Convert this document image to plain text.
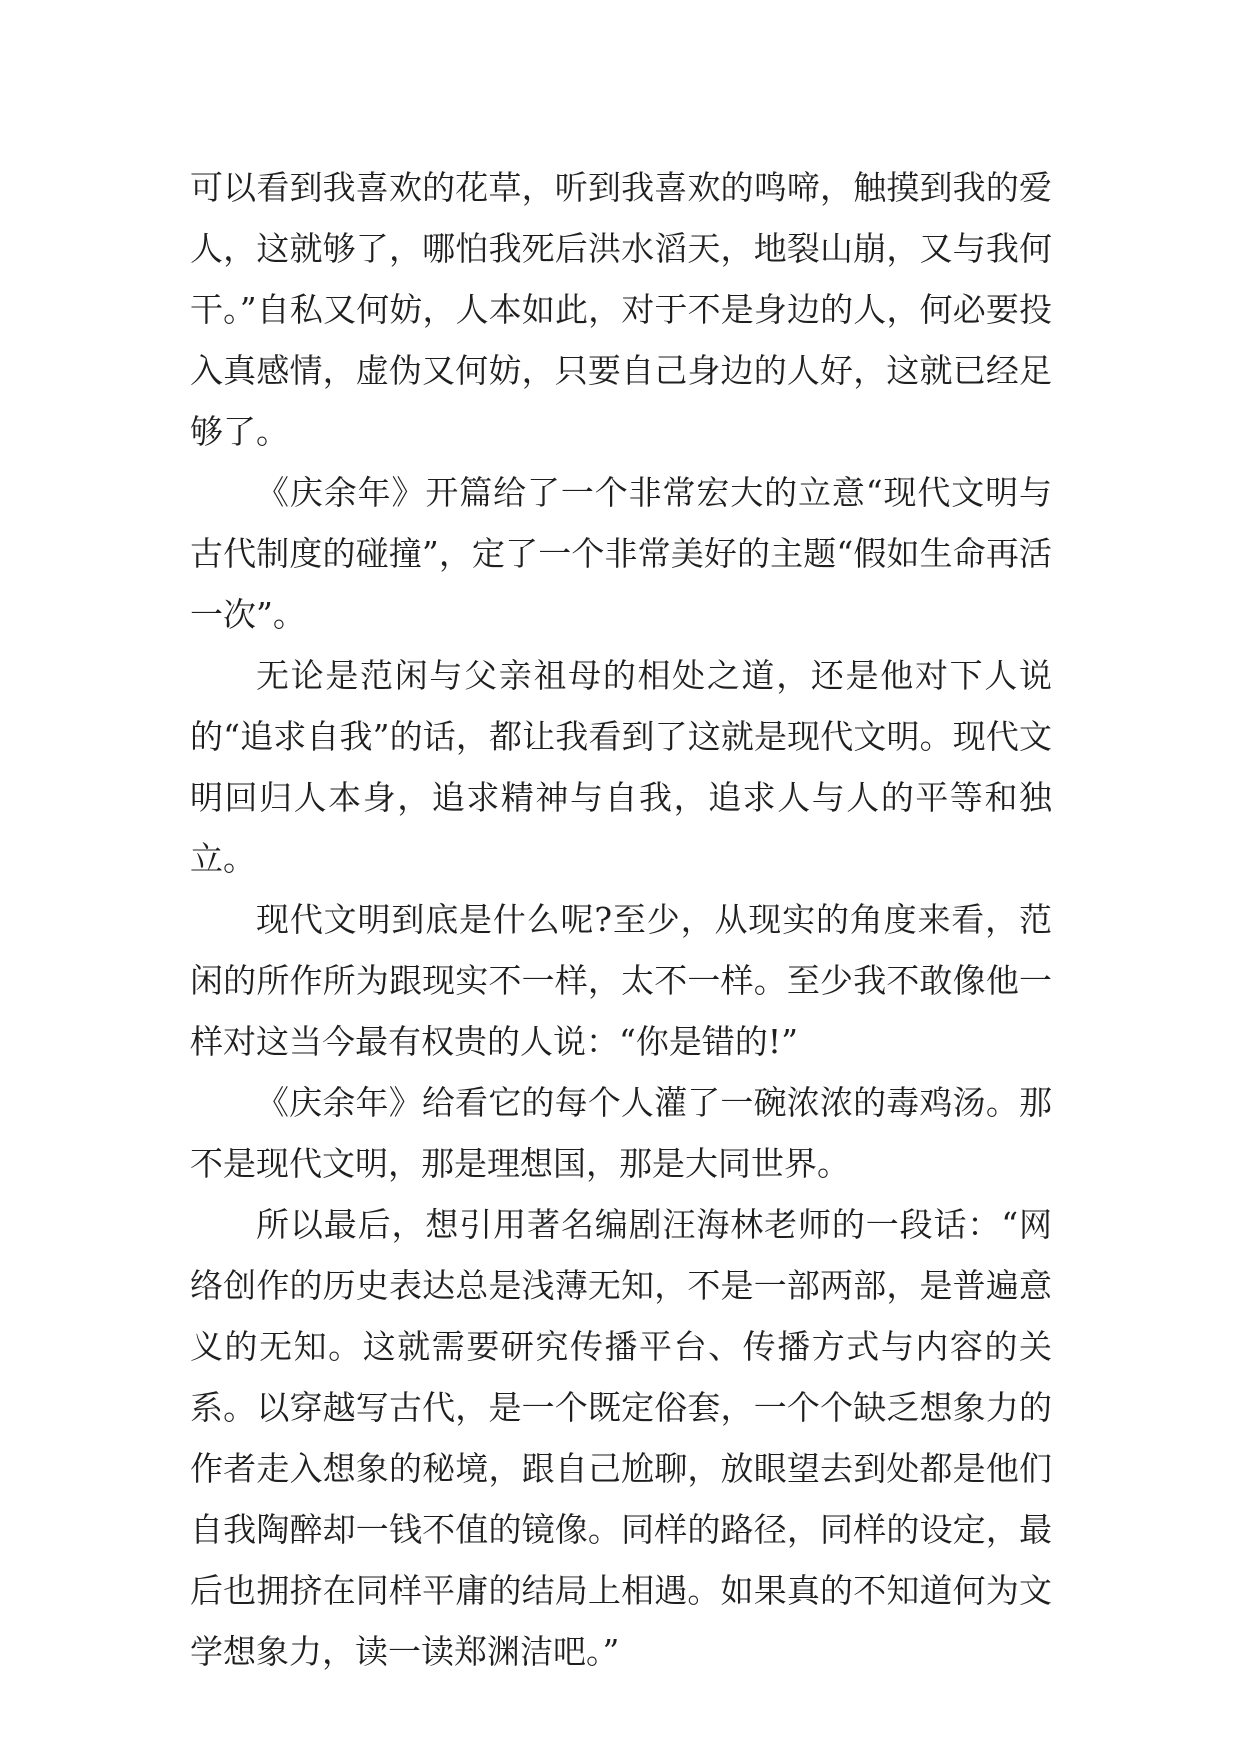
可以看到我喜欢的花草，听到我喜欢的鸣啼，触摸到我的爱人，这就够了，哪怕我死后洪水滔天，地裂山崩，又与我何干。”自私又何妨，人本如此，对于不是身边的人，何必要投入真感情，虚伪又何妨，只要自己身边的人好，这就已经足够了。

《庆余年》开篇给了一个非常宏大的立意“现代文明与古代制度的碰撞”，定了一个非常美好的主题“假如生命再活一次”。

无论是范闲与父亲祖母的相处之道，还是他对下人说的“追求自我”的话，都让我看到了这就是现代文明。现代文明回归人本身，追求精神与自我，追求人与人的平等和独立。

现代文明到底是什么呢?至少，从现实的角度来看，范闲的所作所为跟现实不一样，太不一样。至少我不敢像他一样对这当今最有权贵的人说：“你是错的!”

《庆余年》给看它的每个人灌了一碗浓浓的毒鸡汤。那不是现代文明，那是理想国，那是大同世界。

所以最后，想引用著名编剧汪海林老师的一段话：“网络创作的历史表达总是浅薄无知，不是一部两部，是普遍意义的无知。这就需要研究传播平台、传播方式与内容的关系。以穿越写古代，是一个既定俗套，一个个缺乏想象力的作者走入想象的秘境，跟自己尬聊，放眼望去到处都是他们自我陶醉却一钱不值的镜像。同样的路径，同样的设定，最后也拥挤在同样平庸的结局上相遇。如果真的不知道何为文学想象力，读一读郑渊洁吧。”
